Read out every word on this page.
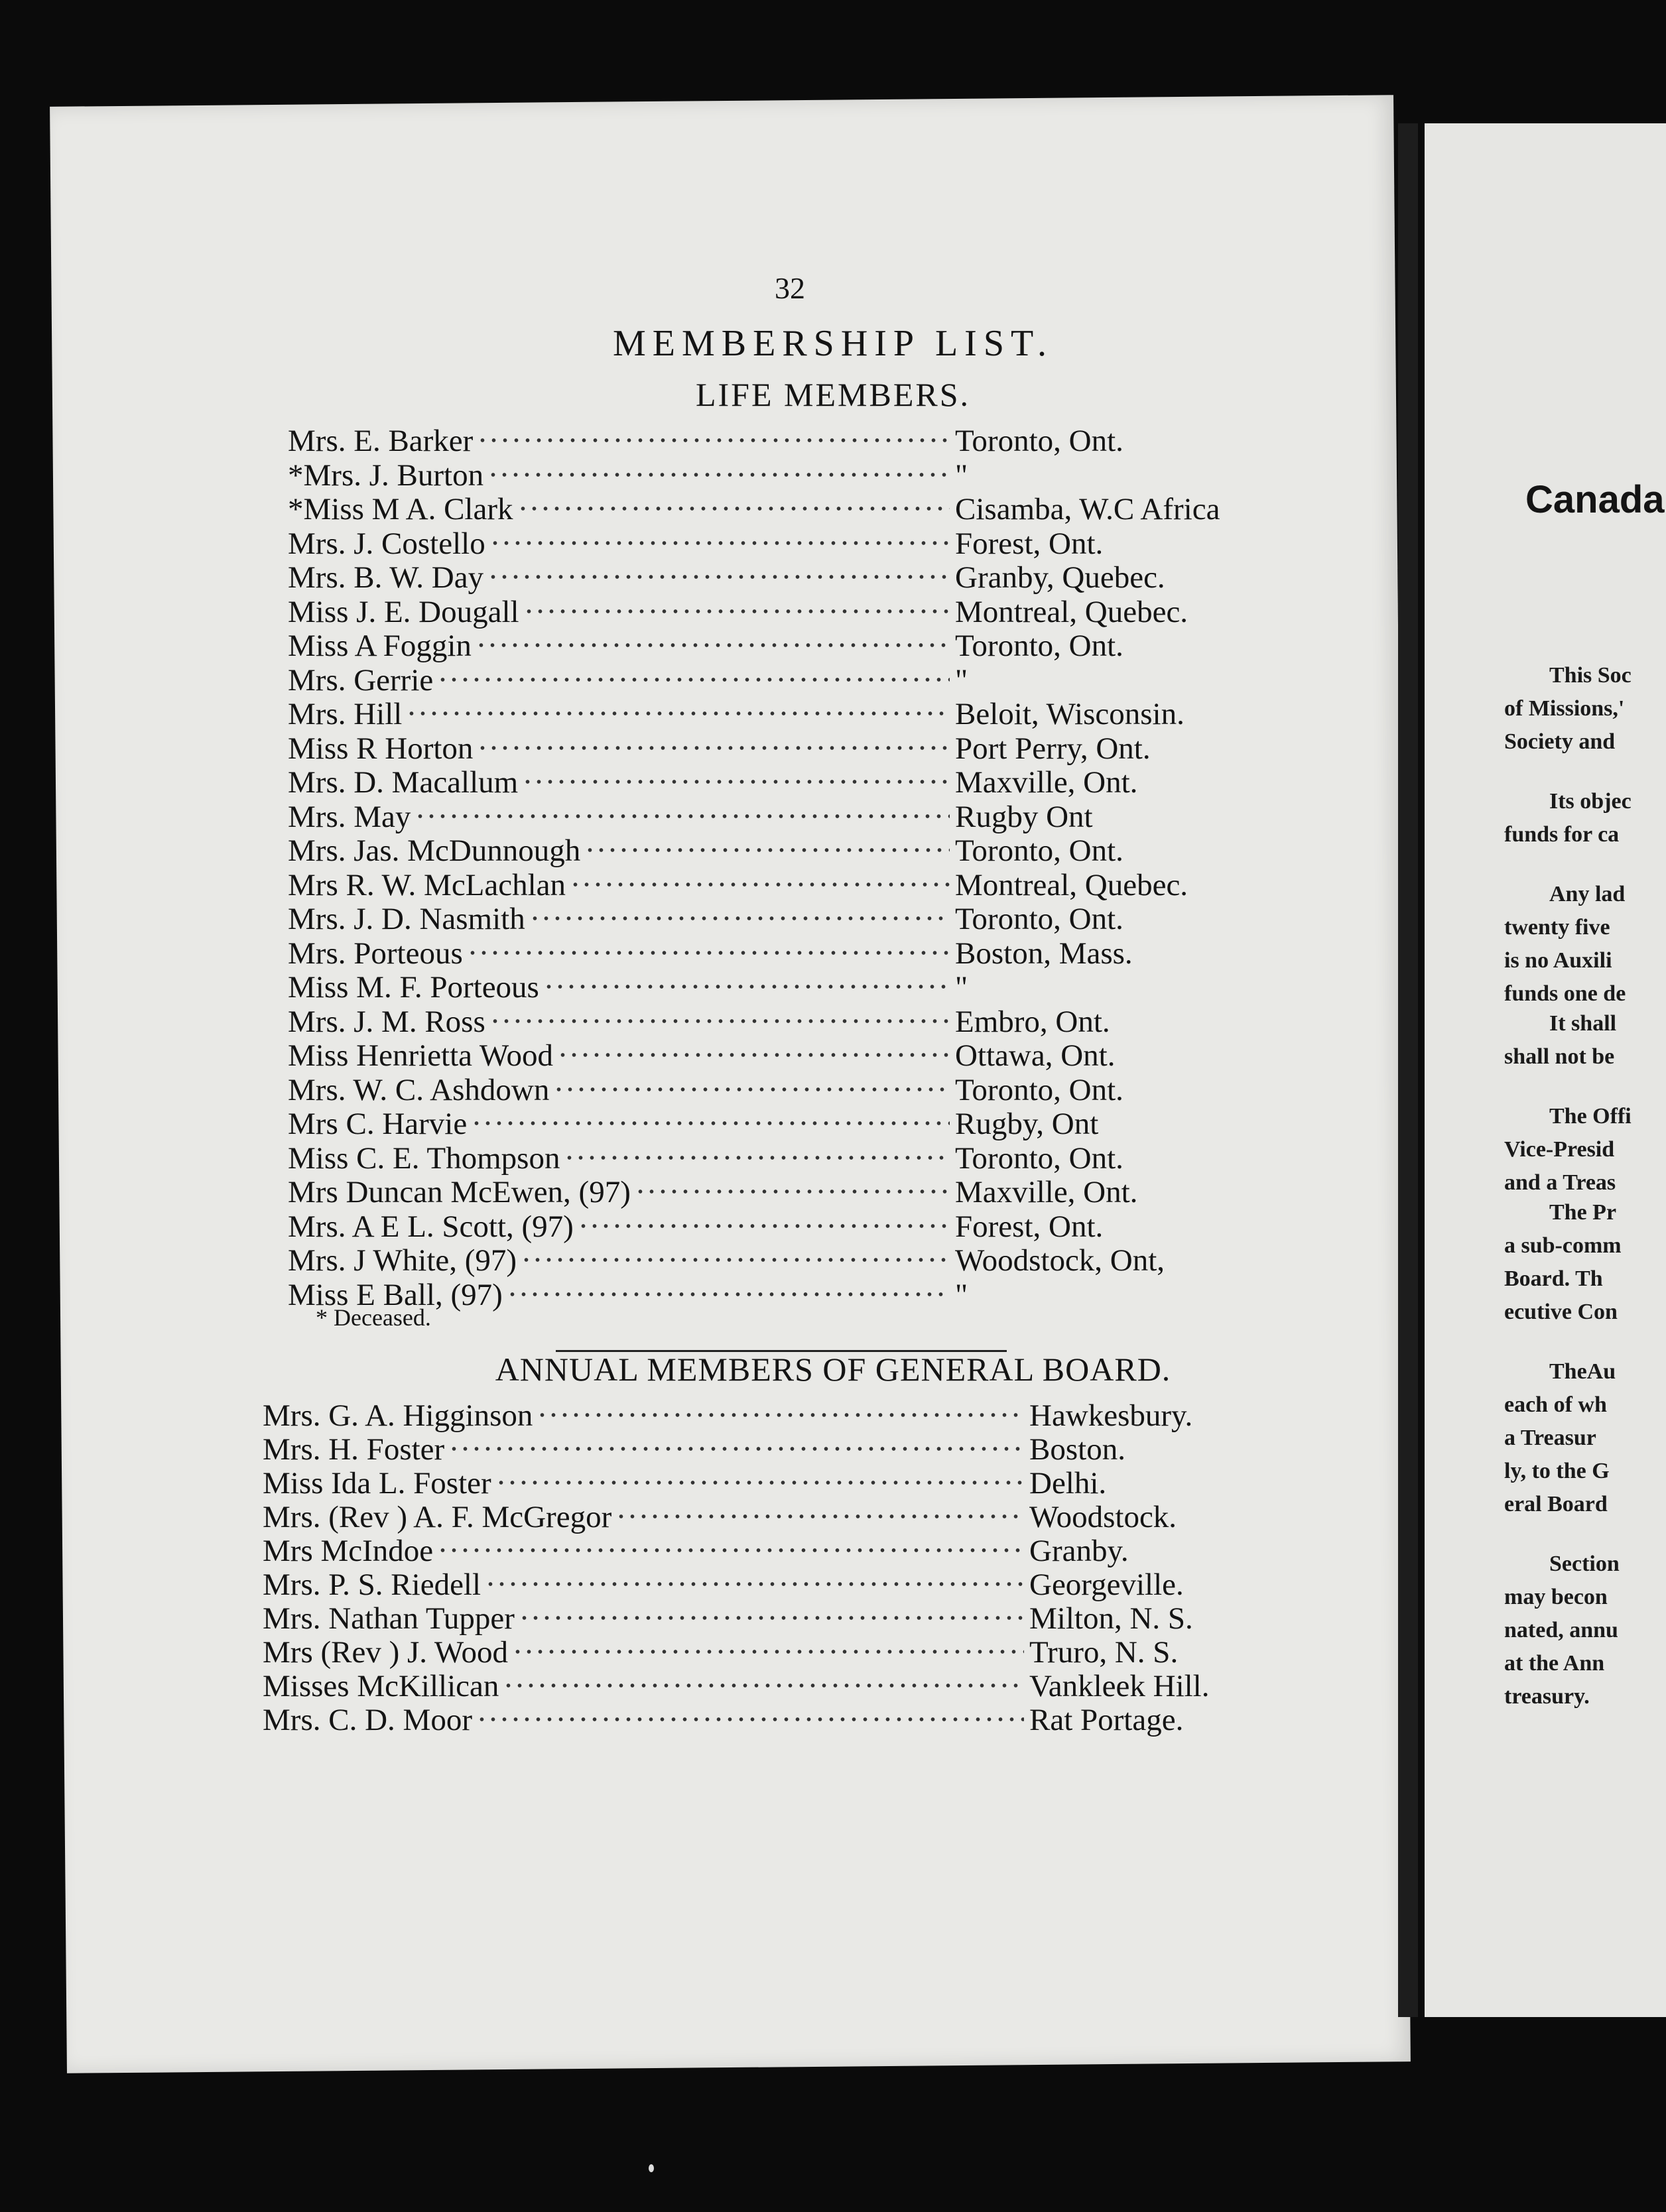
32
MEMBERSHIP LIST.
LIFE MEMBERS.
Mrs. E. Barker	Toronto, Ont.
*Mrs. J. Burton	"
*Miss M A. Clark	Cisamba, W.C Africa
Mrs. J. Costello	Forest, Ont.
Mrs. B. W. Day	Granby, Quebec.
Miss J. E. Dougall	Montreal, Quebec.
Miss A Foggin	Toronto, Ont.
Mrs. Gerrie	"
Mrs. Hill	Beloit, Wisconsin.
Miss R Horton	Port Perry, Ont.
Mrs. D. Macallum	Maxville, Ont.
Mrs. May	Rugby Ont
Mrs. Jas. McDunnough	Toronto, Ont.
Mrs R. W. McLachlan	Montreal, Quebec.
Mrs. J. D. Nasmith	Toronto, Ont.
Mrs. Porteous	Boston, Mass.
Miss M. F. Porteous	"
Mrs. J. M. Ross	Embro, Ont.
Miss Henrietta Wood	Ottawa, Ont.
Mrs. W. C. Ashdown	Toronto, Ont.
Mrs C. Harvie	Rugby, Ont
Miss C. E. Thompson	Toronto, Ont.
Mrs Duncan McEwen, (97)	Maxville, Ont.
Mrs. A E L. Scott, (97)	Forest, Ont.
Mrs. J White, (97)	Woodstock, Ont,
Miss E Ball, (97)	"
* Deceased.
ANNUAL MEMBERS OF GENERAL BOARD.
Mrs. G. A. Higginson	Hawkesbury.
Mrs. H. Foster	Boston.
Miss Ida L. Foster	Delhi.
Mrs. (Rev ) A. F. McGregor	Woodstock.
Mrs McIndoe	Granby.
Mrs. P. S. Riedell	Georgeville.
Mrs. Nathan Tupper	Milton, N. S.
Mrs (Rev ) J. Wood	Truro, N. S.
Misses McKillican	Vankleek Hill.
Mrs. C. D. Moor	Rat Portage.
Canada
This Soc
of Missions,'
Society and
Its objec
funds for ca
Any lad
twenty five
is no Auxili
funds one de
It shall
shall not be
The Offi
Vice-Presid
and a Treas
The Pr
a sub-comm
Board. Th
ecutive Con
TheAu
each of wh
a Treasur
ly, to the G
eral Board
Section
may becon
nated, annu
at the Ann
treasury.
